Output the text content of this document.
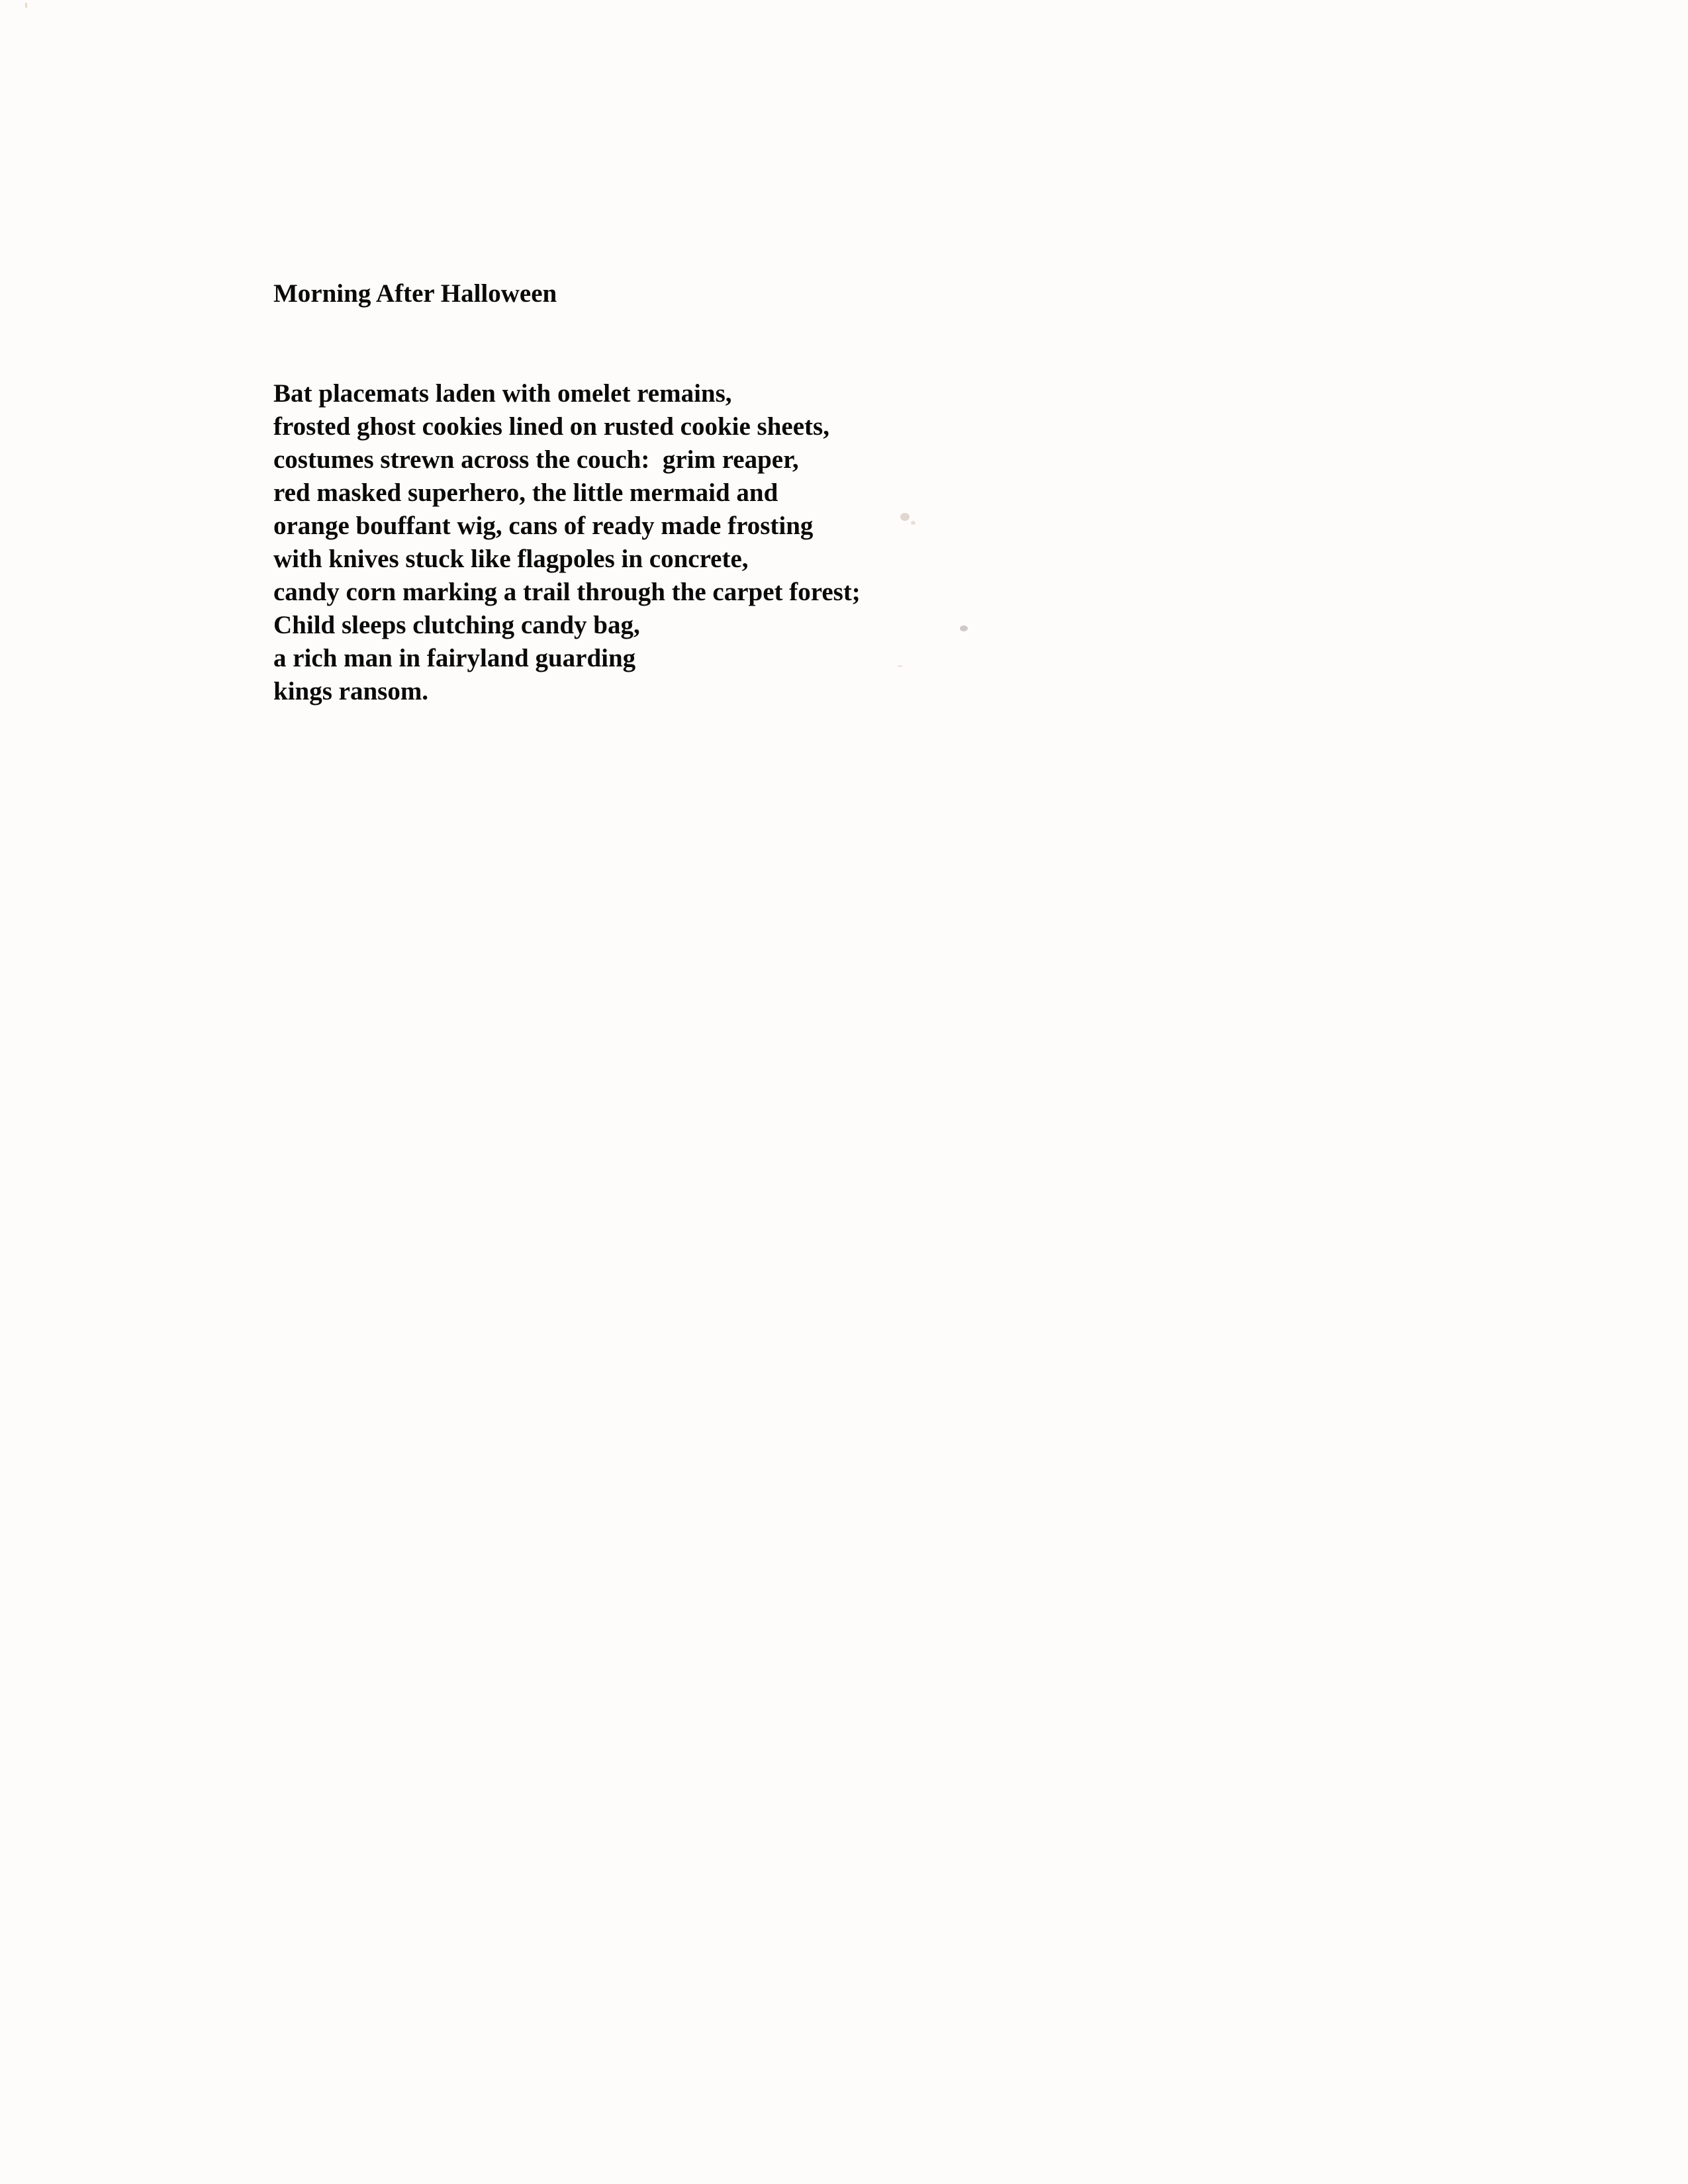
Morning After Halloween

Bat placemats laden with omelet remains,

frosted ghost cookies lined on rusted cookie sheets,

costumes strewn across the couch:  grim reaper,

red masked superhero, the little mermaid and

orange bouffant wig, cans of ready made frosting

with knives stuck like flagpoles in concrete,

candy corn marking a trail through the carpet forest;

Child sleeps clutching candy bag,

a rich man in fairyland guarding

kings ransom.
